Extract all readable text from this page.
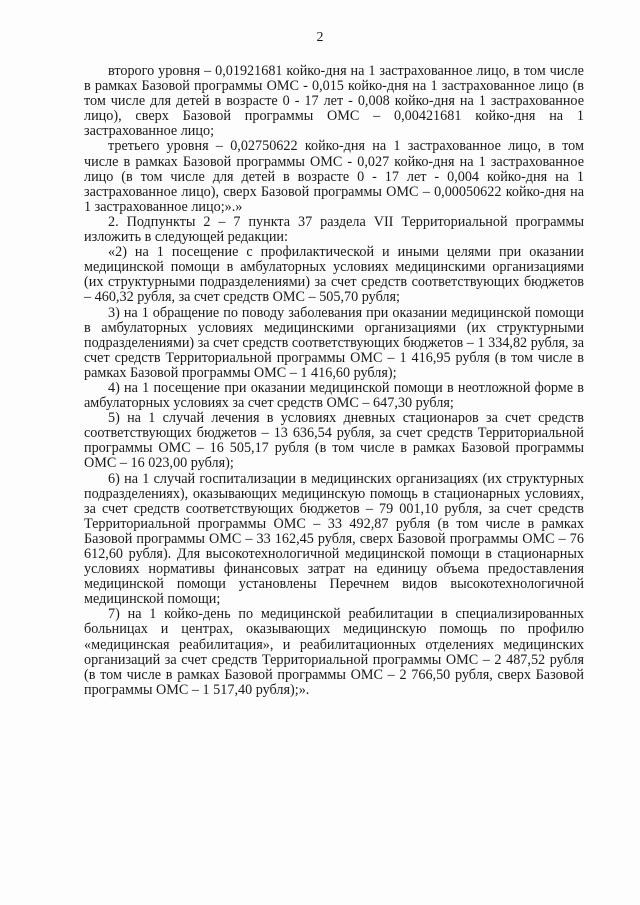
2

второго уровня – 0,01921681 койко-дня на 1 застрахованное лицо, в том числе в рамках Базовой программы ОМС - 0,015 койко-дня на 1 застрахованное лицо (в том числе для детей в возрасте 0 - 17 лет - 0,008 койко-дня на 1 застрахованное лицо), сверх Базовой программы ОМС – 0,00421681 койко-дня на 1 застрахованное лицо;

третьего уровня – 0,02750622 койко-дня на 1 застрахованное лицо, в том числе в рамках Базовой программы ОМС - 0,027 койко-дня на 1 застрахованное лицо (в том числе для детей в возрасте 0 - 17 лет - 0,004 койко-дня на 1 застрахованное лицо), сверх Базовой программы ОМС – 0,00050622 койко-дня на 1 застрахованное лицо;».»

2. Подпункты 2 – 7 пункта 37 раздела VII Территориальной программы изложить в следующей редакции:

«2) на 1 посещение с профилактической и иными целями при оказании медицинской помощи в амбулаторных условиях медицинскими организациями (их структурными подразделениями) за счет средств соответствующих бюджетов – 460,32 рубля, за счет средств ОМС – 505,70 рубля;

3) на 1 обращение по поводу заболевания при оказании медицинской помощи в амбулаторных условиях медицинскими организациями (их структурными подразделениями) за счет средств соответствующих бюджетов – 1 334,82 рубля, за счет средств Территориальной программы ОМС – 1 416,95 рубля (в том числе в рамках Базовой программы ОМС – 1 416,60 рубля);

4) на 1 посещение при оказании медицинской помощи в неотложной форме в амбулаторных условиях за счет средств ОМС – 647,30 рубля;

5) на 1 случай лечения в условиях дневных стационаров за счет средств соответствующих бюджетов – 13 636,54 рубля, за счет средств Территориальной программы ОМС – 16 505,17 рубля (в том числе в рамках Базовой программы ОМС – 16 023,00 рубля);

6) на 1 случай госпитализации в медицинских организациях (их структурных подразделениях), оказывающих медицинскую помощь в стационарных условиях, за счет средств соответствующих бюджетов – 79 001,10 рубля, за счет средств Территориальной программы ОМС – 33 492,87 рубля (в том числе в рамках Базовой программы ОМС – 33 162,45 рубля, сверх Базовой программы ОМС – 76 612,60 рубля). Для высокотехнологичной медицинской помощи в стационарных условиях нормативы финансовых затрат на единицу объема предоставления медицинской помощи установлены Перечнем видов высокотехнологичной медицинской помощи;

7) на 1 койко-день по медицинской реабилитации в специализированных больницах и центрах, оказывающих медицинскую помощь по профилю «медицинская реабилитация», и реабилитационных отделениях медицинских организаций за счет средств Территориальной программы ОМС – 2 487,52 рубля (в том числе в рамках Базовой программы ОМС – 2 766,50 рубля, сверх Базовой программы ОМС – 1 517,40 рубля);».
